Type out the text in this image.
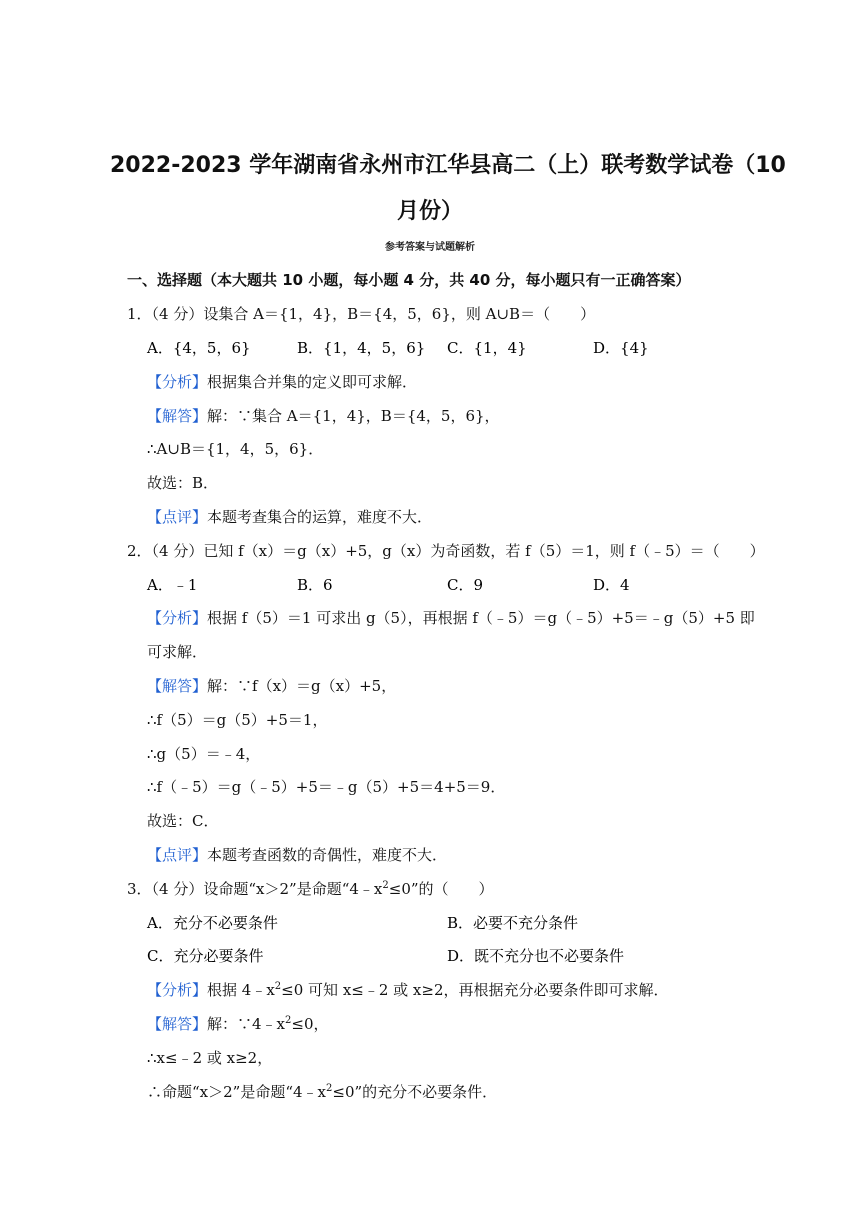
2022-2023 学年湖南省永州市江华县高二（上）联考数学试卷（10
月份）
参考答案与试题解析
一、选择题（本大题共 10 小题，每小题 4 分，共 40 分，每小题只有一正确答案）
1．（4 分）设集合 A＝{1，4}，B＝{4，5，6}，则 A∪B＝（　　）
A．{4，5，6}	B．{1，4，5，6} C．{1，4}	D．{4}
【分析】根据集合并集的定义即可求解．
【解答】解：∵集合 A＝{1，4}，B＝{4，5，6}，
∴A∪B＝{1，4，5，6}．
故选：B．
【点评】本题考查集合的运算，难度不大．
2．（4 分）已知 f（x）＝g（x）+5，g（x）为奇函数，若 f（5）＝1，则 f（﹣5）＝（　　）
A．﹣1	B．6	C．9	D．4
【分析】根据 f（5）＝1 可求出 g（5），再根据 f（﹣5）＝g（﹣5）+5＝﹣g（5）+5 即
可求解．
【解答】解：∵f（x）＝g（x）+5，
∴f（5）＝g（5）+5＝1，
∴g（5）＝﹣4，
∴f（﹣5）＝g（﹣5）+5＝﹣g（5）+5＝4+5＝9．
故选：C．
【点评】本题考查函数的奇偶性，难度不大．
3．（4 分）设命题“x＞2”是命题“$4﹣x^2\le 0$”的（　　）
A．充分不必要条件	B．必要不充分条件
C．充分必要条件	D．既不充分也不必要条件
【分析】根据 $4﹣x^2\le 0$ 可知 x≤﹣2 或 x≥2，再根据充分必要条件即可求解．
【解答】解：$\because 4﹣x^2\le 0$，
∴x≤﹣2 或 x≥2，
∴命题“x＞2”是命题“$4﹣x^2\le 0$”的充分不必要条件．
